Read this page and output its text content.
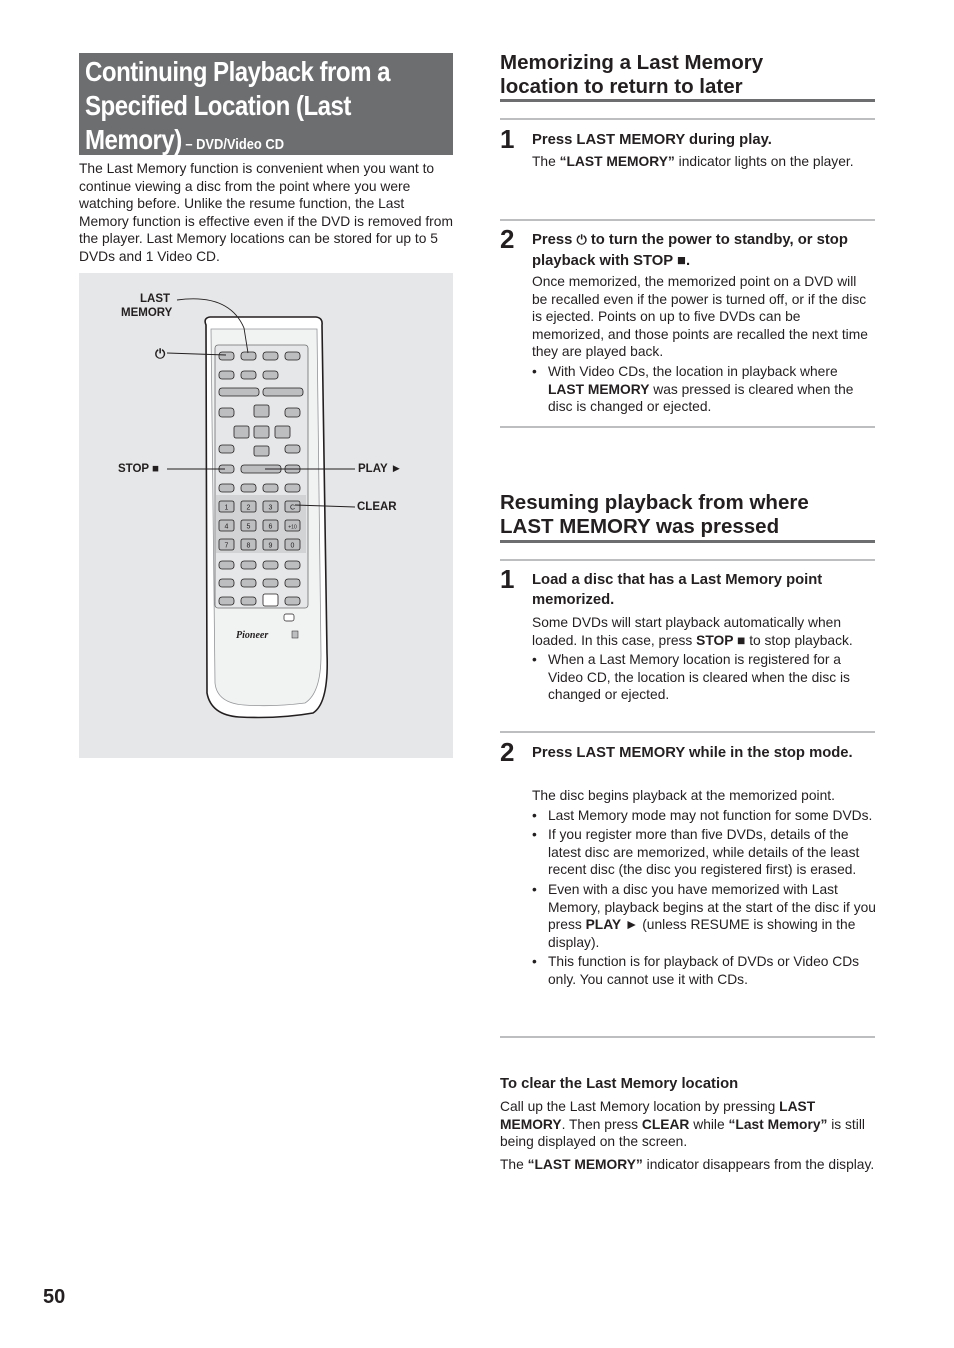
Continuing Playback from a
Specified Location (Last
Memory) – DVD/Video CD
The Last Memory function is convenient when you want to continue viewing a disc from the point where you were watching before. Unlike the resume function, the Last Memory function is effective even if the DVD is removed from the player. Last Memory locations can be stored for up to 5 DVDs and 1 Video CD.
LAST
MEMORY
⏻
STOP ■	PLAY ►
CLEAR
1	2	3	C
4	5	6	+10
7	8	9	0
Pioneer
Memorizing a Last Memory
location to return to later
1 Press LAST MEMORY during play.
The “LAST MEMORY” indicator lights on the player.
2 Press ⏻ to turn the power to standby, or stop playback with STOP ■.
Once memorized, the memorized point on a DVD will be recalled even if the power is turned off, or if the disc is ejected. Points on up to five DVDs can be memorized, and those points are recalled the next time they are played back.
• With Video CDs, the location in playback where LAST MEMORY was pressed is cleared when the disc is changed or ejected.
Resuming playback from where
LAST MEMORY was pressed
1 Load a disc that has a Last Memory point memorized.
Some DVDs will start playback automatically when loaded. In this case, press STOP ■ to stop playback.
• When a Last Memory location is registered for a Video CD, the location is cleared when the disc is changed or ejected.
2 Press LAST MEMORY while in the stop mode.
The disc begins playback at the memorized point.
• Last Memory mode may not function for some DVDs.
• If you register more than five DVDs, details of the latest disc are memorized, while details of the least recent disc (the disc you registered first) is erased.
• Even with a disc you have memorized with Last Memory, playback begins at the start of the disc if you press PLAY ► (unless RESUME is showing in the display).
• This function is for playback of DVDs or Video CDs only. You cannot use it with CDs.
To clear the Last Memory location
Call up the Last Memory location by pressing LAST MEMORY. Then press CLEAR while “Last Memory” is still being displayed on the screen.
The “LAST MEMORY” indicator disappears from the display.
50
